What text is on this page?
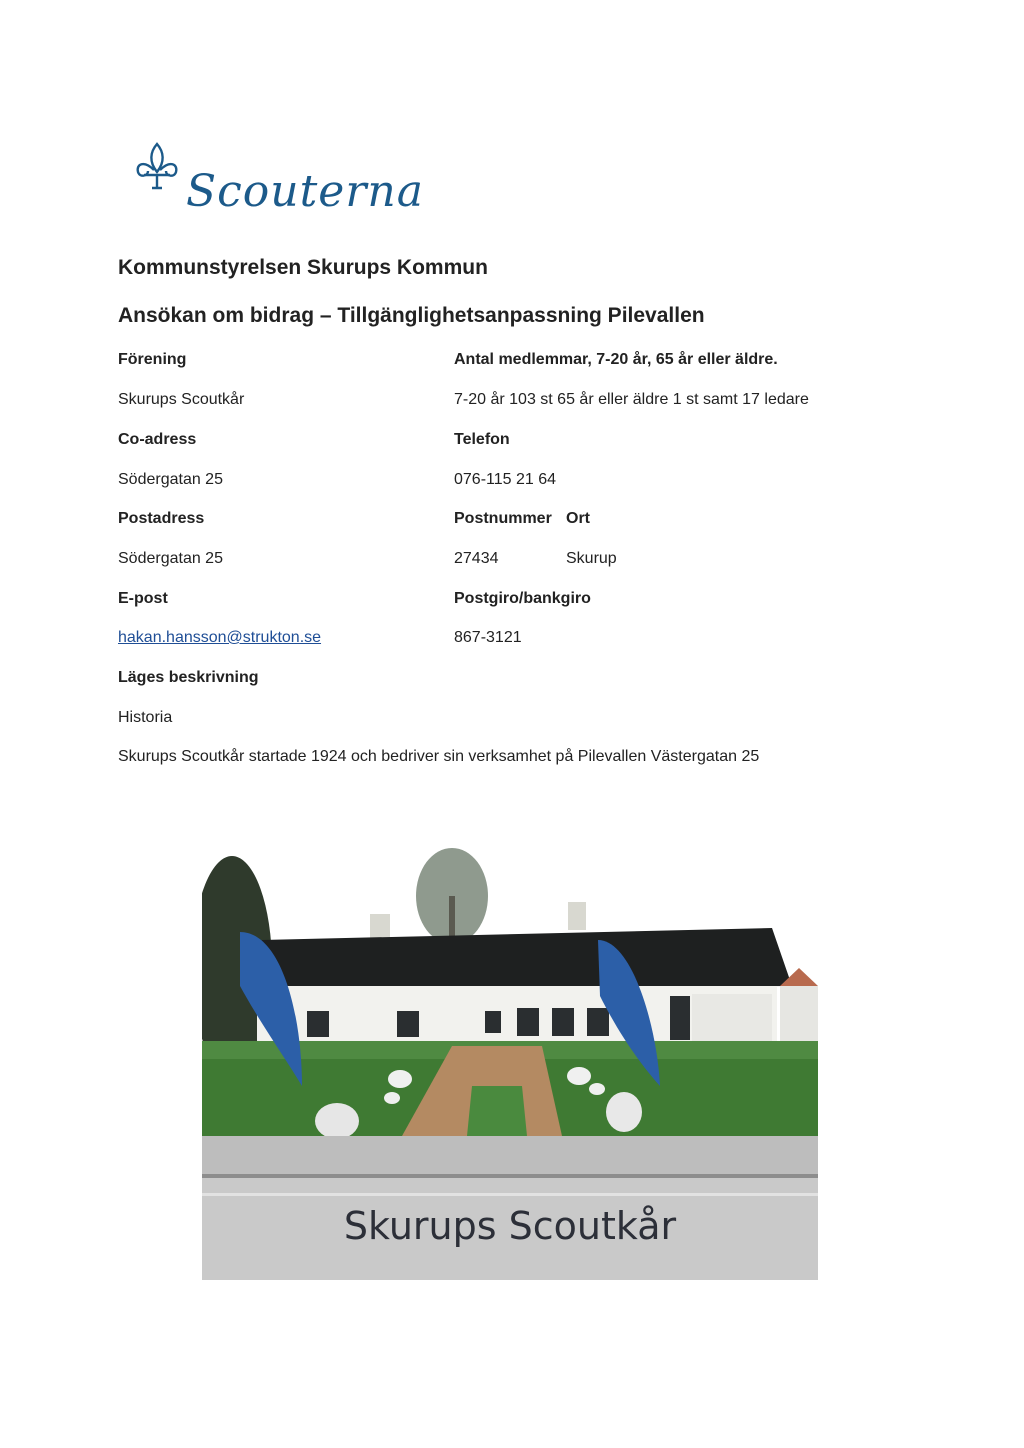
Scouterna
Kommunstyrelsen Skurups Kommun
Ansökan om bidrag – Tillgänglighetsanpassning Pilevallen
Förening
Skurups Scoutkår
Co-adress
Södergatan 25
Postadress
Södergatan 25
E-post
hakan.hansson@strukton.se
Antal medlemmar, 7-20 år, 65 år eller äldre.
7-20 år 103 st 65 år eller äldre 1 st samt 17 ledare
Telefon
076-115 21 64
Postnummer Ort
27434	Skurup
Postgiro/bankgiro
867-3121
Läges beskrivning
Historia
Skurups Scoutkår startade 1924 och bedriver sin verksamhet på Pilevallen Västergatan 25
Skurups Scoutkår
